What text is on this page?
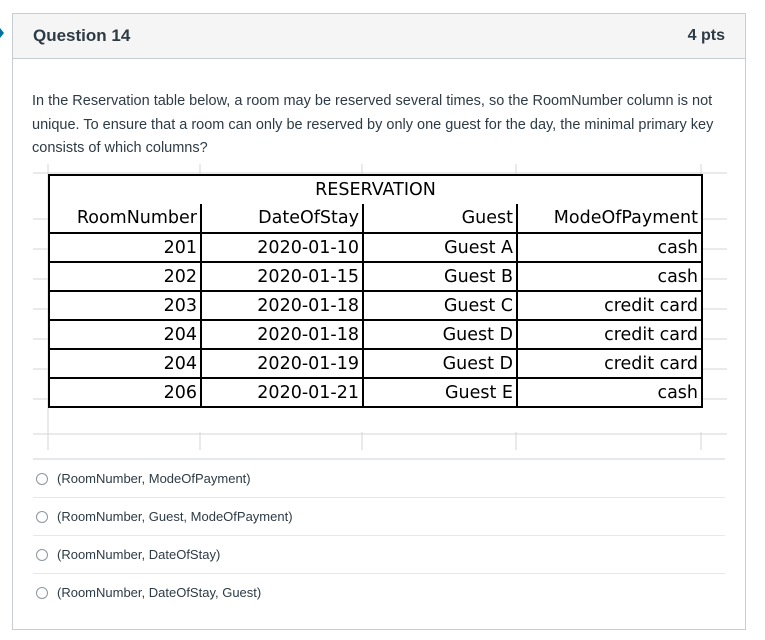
Question 14	4 pts
In the Reservation table below, a room may be reserved several times, so the RoomNumber column is not unique. To ensure that a room can only be reserved by only one guest for the day, the minimal primary key consists of which columns?
RESERVATION			
RoomNumber	DateOfStay	Guest	ModeOfPayment
201	2020-01-10	Guest A	cash
202	2020-01-15	Guest B	cash
203	2020-01-18	Guest C	credit card
204	2020-01-18	Guest D	credit card
204	2020-01-19	Guest D	credit card
206	2020-01-21	Guest E	cash
(RoomNumber, ModeOfPayment)
(RoomNumber, Guest, ModeOfPayment)
(RoomNumber, DateOfStay)
(RoomNumber, DateOfStay, Guest)
